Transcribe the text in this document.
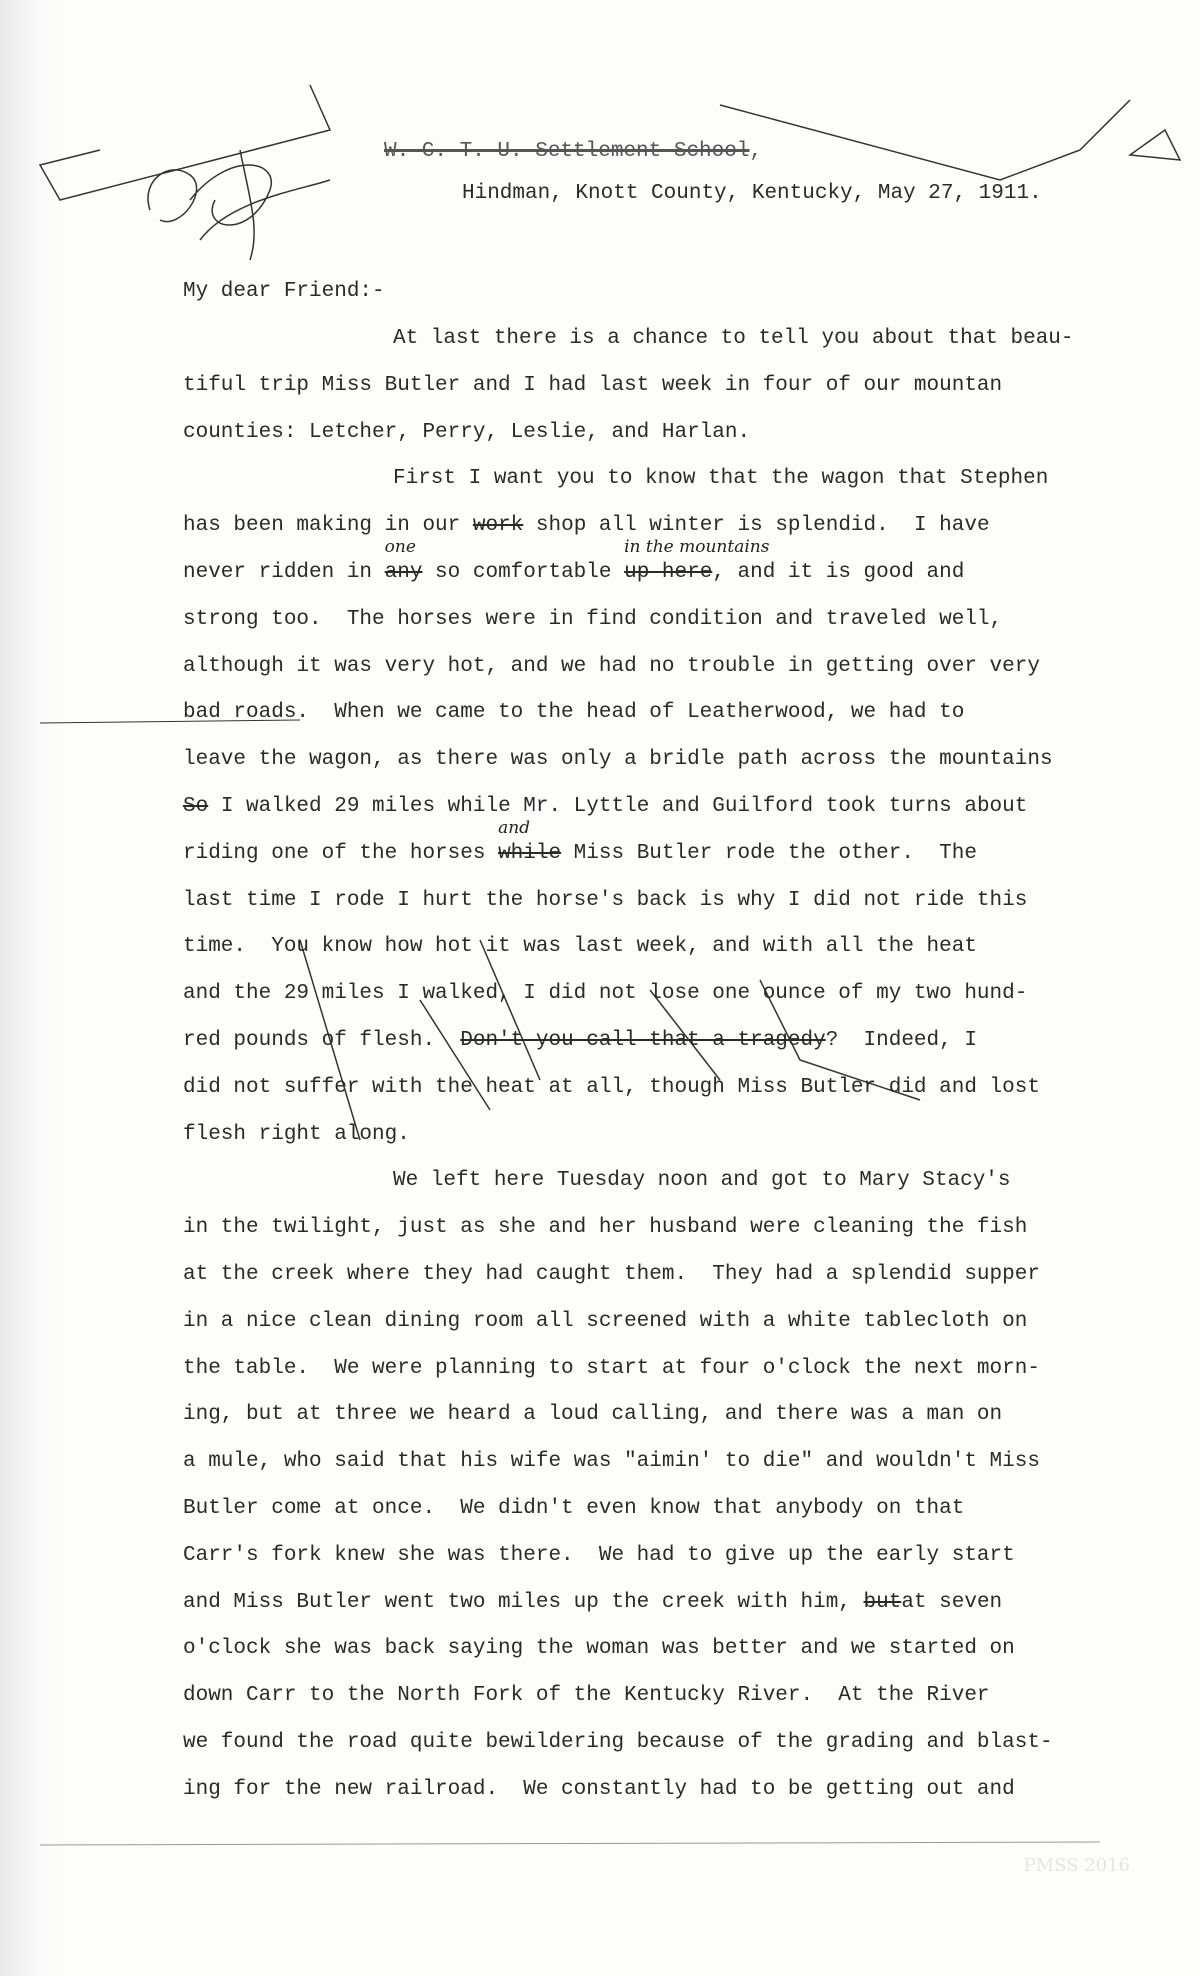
W. C. T. U. Settlement School,
Hindman, Knott County, Kentucky, May 27, 1911.
My dear Friend:-
At last there is a chance to tell you about that beau-
tiful trip Miss Butler and I had last week in four of our mountan
counties: Letcher, Perry, Leslie, and Harlan.
First I want you to know that the wagon that Stephen
has been making in our work shop all winter is splendid.  I have
never ridden in any
one
so comfortable up here
in the mountains
, and it is good and
strong too.  The horses were in find condition and traveled well,
although it was very hot, and we had no trouble in getting over very
bad roads.  When we came to the head of Leatherwood, we had to
leave the wagon, as there was only a bridle path across the mountains
So I walked 29 miles while Mr. Lyttle and Guilford took turns about
riding one of the horses while
and
Miss Butler rode the other.  The
last time I rode I hurt the horse's back is why I did not ride this
time.  You know how hot it was last week, and with all the heat
and the 29 miles I walked, I did not lose one ounce of my two hund-
red pounds of flesh.  Don't you call that a tragedy?  Indeed, I
did not suffer with the heat at all, though Miss Butler did and lost
flesh right along.
We left here Tuesday noon and got to Mary Stacy's
in the twilight, just as she and her husband were cleaning the fish
at the creek where they had caught them.  They had a splendid supper
in a nice clean dining room all screened with a white tablecloth on
the table.  We were planning to start at four o'clock the next morn-
ing, but at three we heard a loud calling, and there was a man on
a mule, who said that his wife was "aimin' to die" and wouldn't Miss
Butler come at once.  We didn't even know that anybody on that
Carr's fork knew she was there.  We had to give up the early start
and Miss Butler went two miles up the creek with him, butat seven
o'clock she was back saying the woman was better and we started on
down Carr to the North Fork of the Kentucky River.  At the River
we found the road quite bewildering because of the grading and blast-
ing for the new railroad.  We constantly had to be getting out and
PMSS 2016
